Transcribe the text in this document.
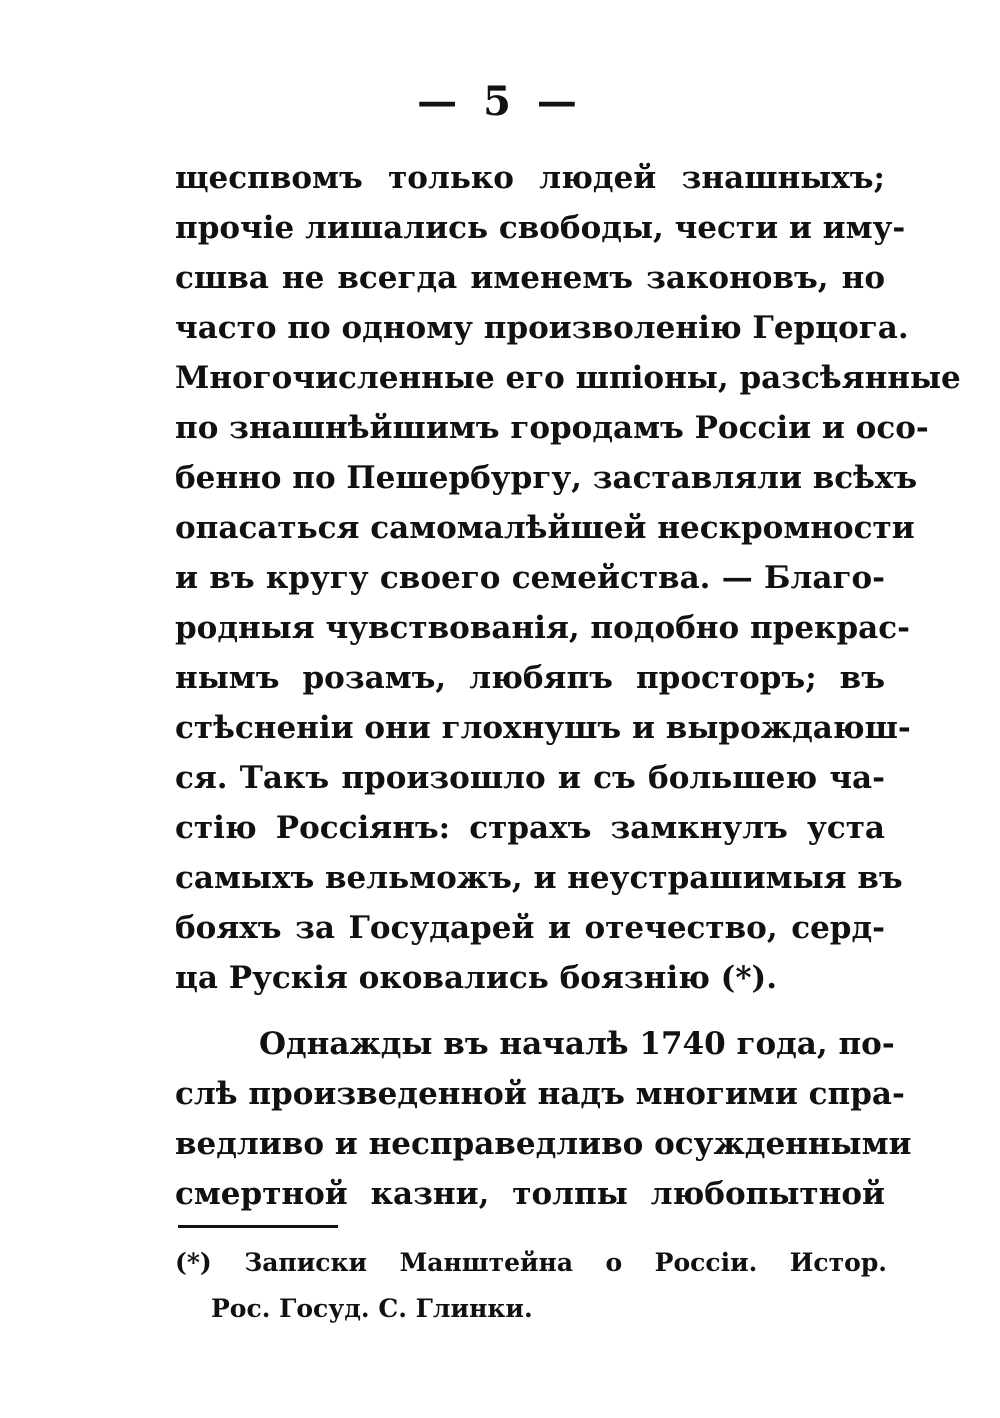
— 5 —
щеспвомъ только людей знашныхъ;
прочіе лишались свободы, чести и иму-
сшва не всегда именемъ законовъ, но
часто по одному произволенію Герцога.
Многочисленные его шпіоны, разсѣянные
по знашнѣйшимъ городамъ Россіи и осо-
бенно по Пешербургу, заставляли всѣхъ
опасаться самомалѣйшей нескромности
и въ кругу своего семейства. — Благо-
родныя чувствованія, подобно прекрас-
нымъ розамъ, любяпъ просторъ; въ
стѣсненіи они глохнушъ и вырождаюш-
ся. Такъ произошло и съ большею ча-
стію Россіянъ: страхъ замкнулъ уста
самыхъ вельможъ, и неустрашимыя въ
бояхъ за Государей и отечество, серд-
ца Рускія оковались боязнію (*).
Однажды въ началѣ 1740 года, по-
слѣ произведенной надъ многими спра-
ведливо и несправедливо осужденными
смертной казни, толпы любопытной
(*) Записки Манштейна о Россіи. Истор.
Рос. Госуд. С. Глинки.
